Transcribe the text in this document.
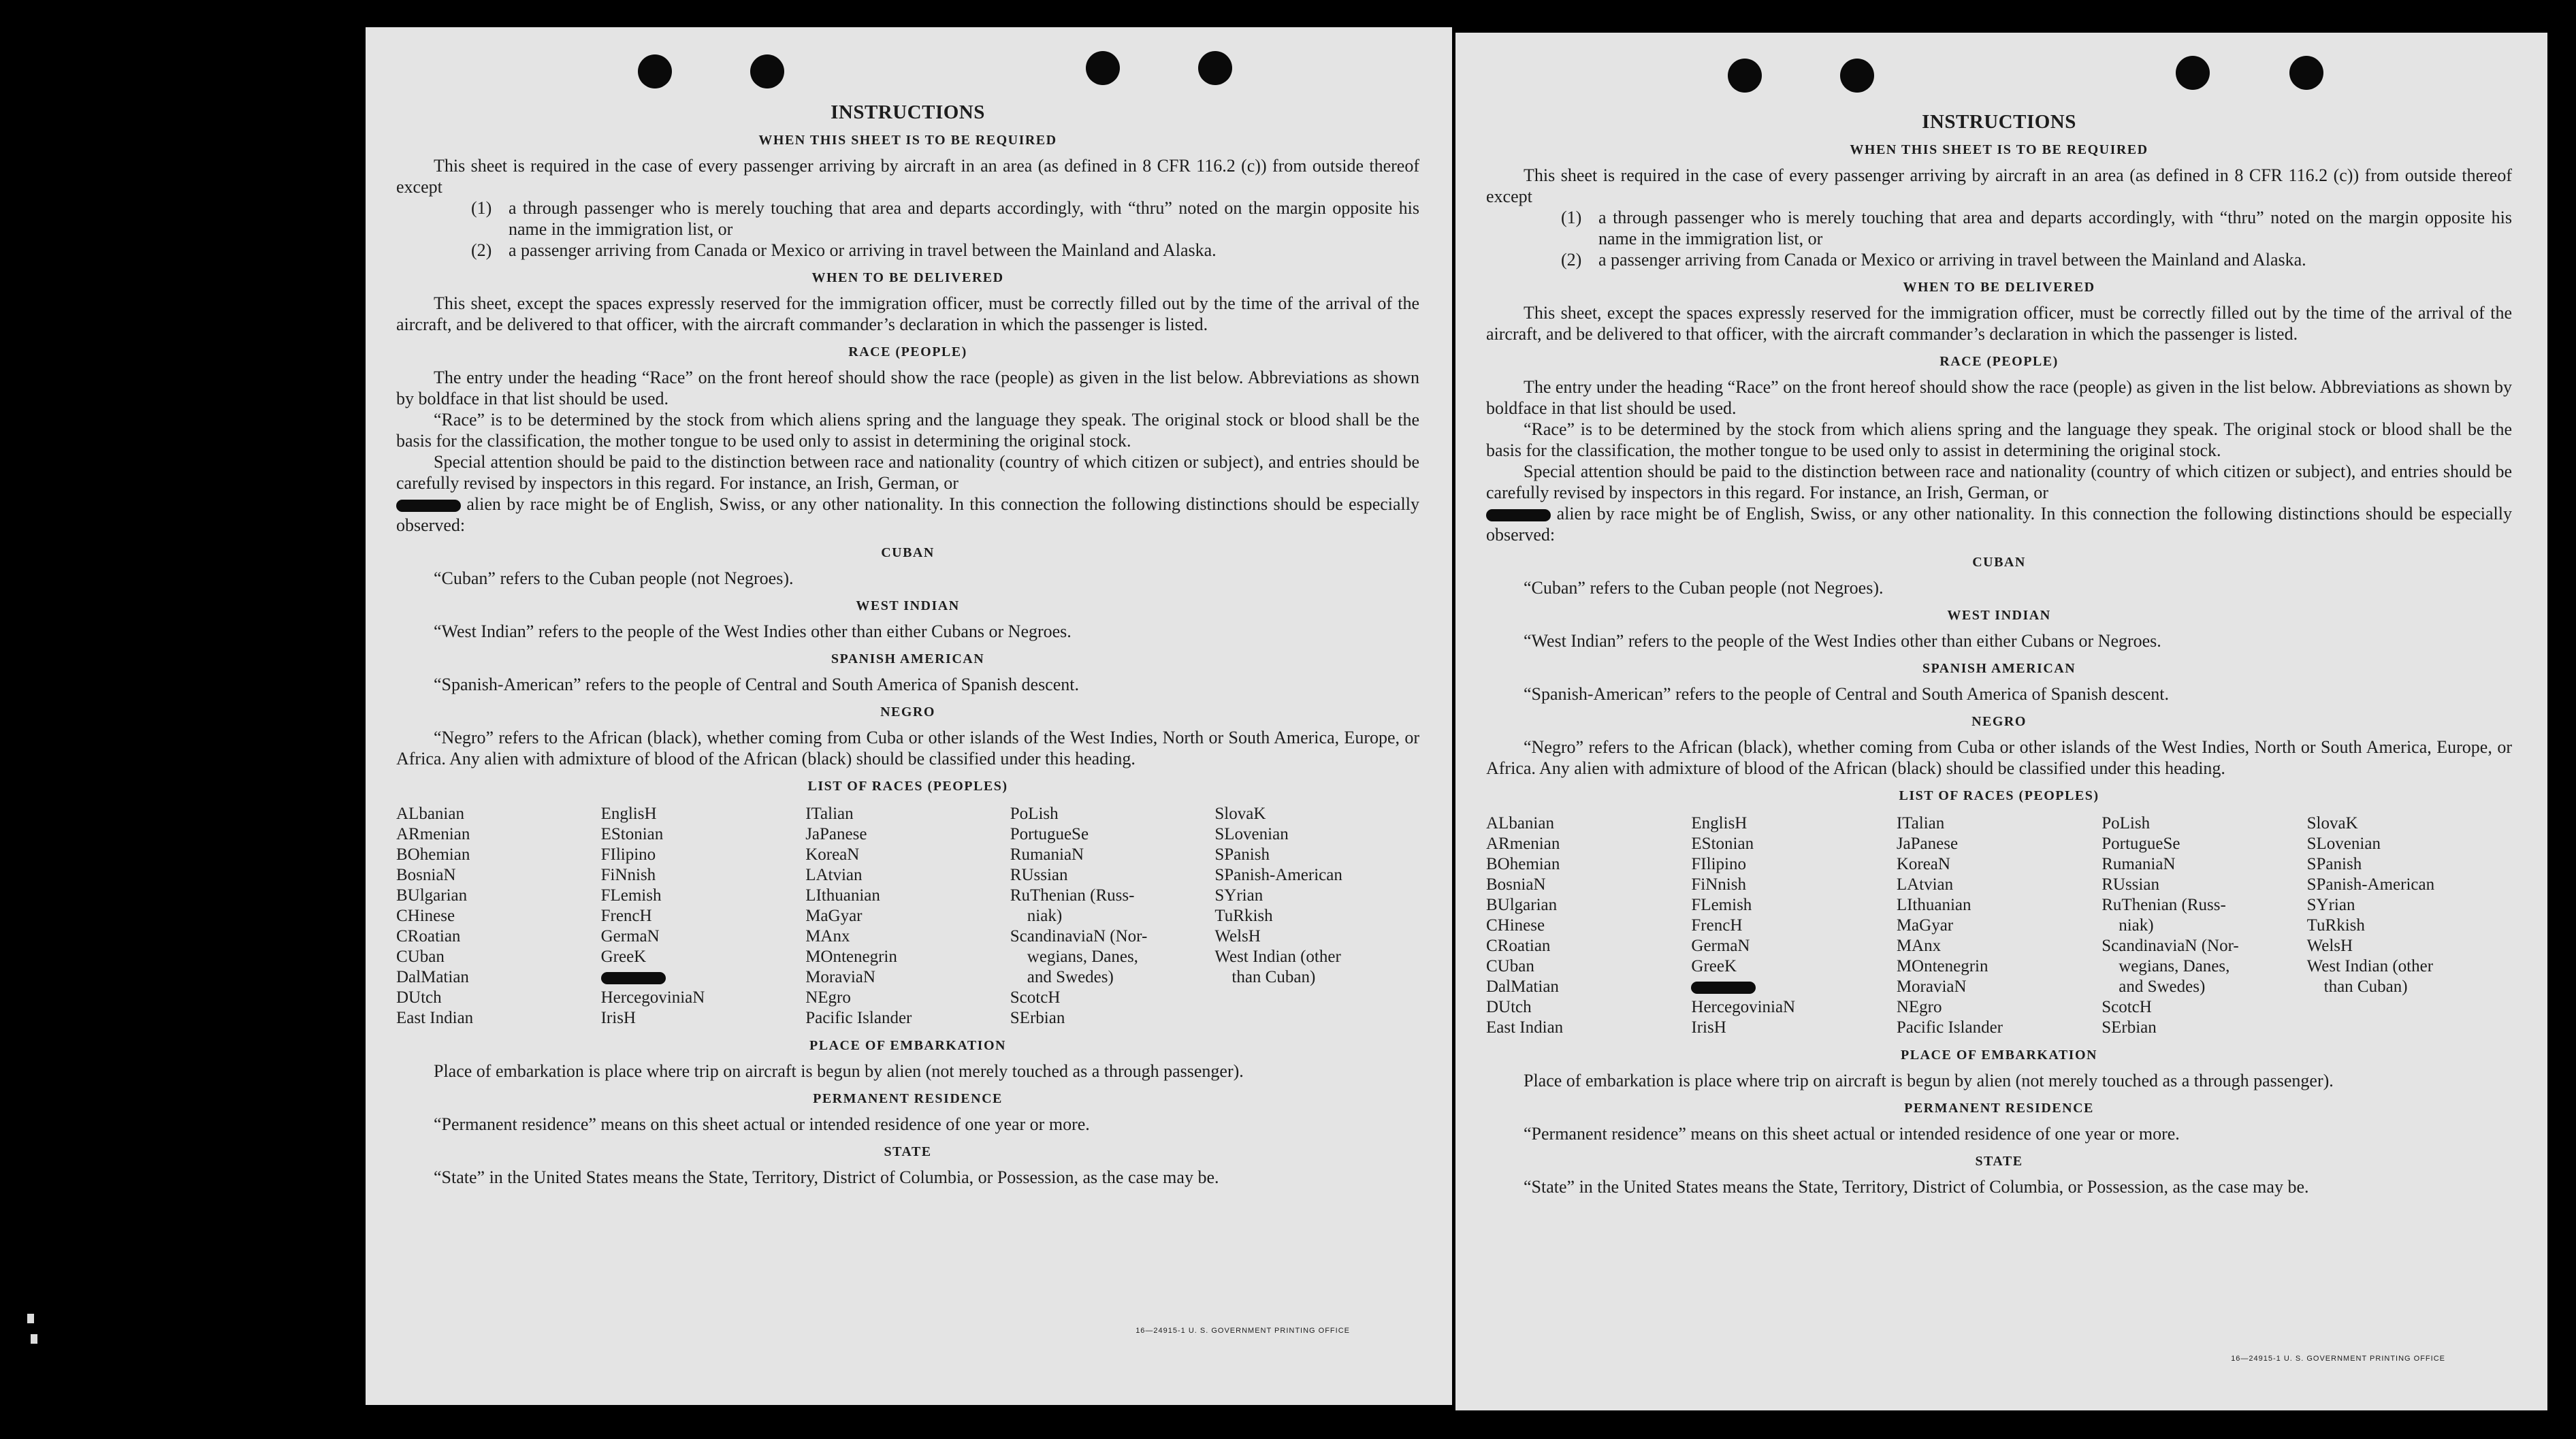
INSTRUCTIONS
WHEN THIS SHEET IS TO BE REQUIRED

This sheet is required in the case of every passenger arriving by aircraft in an area (as defined in 8 CFR 116.2 (c)) from outside thereof except

(1) a through passenger who is merely touching that area and departs accordingly, with “thru” noted on the margin opposite his name in the immigration list, or
(2) a passenger arriving from Canada or Mexico or arriving in travel between the Mainland and Alaska.
WHEN TO BE DELIVERED

This sheet, except the spaces expressly reserved for the immigration officer, must be correctly filled out by the time of the arrival of the aircraft, and be delivered to that officer, with the aircraft commander’s declaration in which the passenger is listed.

RACE (PEOPLE)

The entry under the heading “Race” on the front hereof should show the race (people) as given in the list below. Abbreviations as shown by boldface in that list should be used.

“Race” is to be determined by the stock from which aliens spring and the language they speak. The original stock or blood shall be the basis for the classification, the mother tongue to be used only to assist in determining the original stock.

Special attention should be paid to the distinction between race and nationality (country of which citizen or subject), and entries should be carefully revised by inspectors in this regard. For instance, an Irish, German, or

alien by race might be of English, Swiss, or any other nationality. In this connection the following distinctions should be especially observed:

CUBAN

“Cuban” refers to the Cuban people (not Negroes).

WEST INDIAN

“West Indian” refers to the people of the West Indies other than either Cubans or Negroes.

SPANISH AMERICAN

“Spanish-American” refers to the people of Central and South America of Spanish descent.

NEGRO

“Negro” refers to the African (black), whether coming from Cuba or other islands of the West Indies, North or South America, Europe, or Africa. Any alien with admixture of blood of the African (black) should be classified under this heading.

LIST OF RACES (PEOPLES)

ALbanian

ARmenian

BOhemian

BosniaN

BUlgarian

CHinese

CRoatian

CUban

DalMatian

DUtch

East Indian

EnglisH

EStonian

FIlipino

FiNnish

FLemish

FrencH

GermaN

GreeK

HercegoviniaN

IrisH

ITalian

JaPanese

KoreaN

LAtvian

LIthuanian

MaGyar

MAnx

MOntenegrin

MoraviaN

NEgro

Pacific Islander

PoLish

PortugueSe

RumaniaN

RUssian

RuThenian (Russ-

niak)

ScandinaviaN (Nor-

wegians, Danes,

and Swedes)

ScotcH

SErbian

SlovaK

SLovenian

SPanish

SPanish-American

SYrian

TuRkish

WelsH

West Indian (other

than Cuban)

PLACE OF EMBARKATION

Place of embarkation is place where trip on aircraft is begun by alien (not merely touched as a through passenger).

PERMANENT RESIDENCE

“Permanent residence” means on this sheet actual or intended residence of one year or more.

STATE

“State” in the United States means the State, Territory, District of Columbia, or Possession, as the case may be.

16—24915-1 U. S. GOVERNMENT PRINTING OFFICE
INSTRUCTIONS
WHEN THIS SHEET IS TO BE REQUIRED

This sheet is required in the case of every passenger arriving by aircraft in an area (as defined in 8 CFR 116.2 (c)) from outside thereof except

(1) a through passenger who is merely touching that area and departs accordingly, with “thru” noted on the margin opposite his name in the immigration list, or
(2) a passenger arriving from Canada or Mexico or arriving in travel between the Mainland and Alaska.
WHEN TO BE DELIVERED

This sheet, except the spaces expressly reserved for the immigration officer, must be correctly filled out by the time of the arrival of the aircraft, and be delivered to that officer, with the aircraft commander’s declaration in which the passenger is listed.

RACE (PEOPLE)

The entry under the heading “Race” on the front hereof should show the race (people) as given in the list below. Abbreviations as shown by boldface in that list should be used.

“Race” is to be determined by the stock from which aliens spring and the language they speak. The original stock or blood shall be the basis for the classification, the mother tongue to be used only to assist in determining the original stock.

Special attention should be paid to the distinction between race and nationality (country of which citizen or subject), and entries should be carefully revised by inspectors in this regard. For instance, an Irish, German, or

alien by race might be of English, Swiss, or any other nationality. In this connection the following distinctions should be especially observed:

CUBAN

“Cuban” refers to the Cuban people (not Negroes).

WEST INDIAN

“West Indian” refers to the people of the West Indies other than either Cubans or Negroes.

SPANISH AMERICAN

“Spanish-American” refers to the people of Central and South America of Spanish descent.

NEGRO

“Negro” refers to the African (black), whether coming from Cuba or other islands of the West Indies, North or South America, Europe, or Africa. Any alien with admixture of blood of the African (black) should be classified under this heading.

LIST OF RACES (PEOPLES)

ALbanian

ARmenian

BOhemian

BosniaN

BUlgarian

CHinese

CRoatian

CUban

DalMatian

DUtch

East Indian

EnglisH

EStonian

FIlipino

FiNnish

FLemish

FrencH

GermaN

GreeK

HercegoviniaN

IrisH

ITalian

JaPanese

KoreaN

LAtvian

LIthuanian

MaGyar

MAnx

MOntenegrin

MoraviaN

NEgro

Pacific Islander

PoLish

PortugueSe

RumaniaN

RUssian

RuThenian (Russ-

niak)

ScandinaviaN (Nor-

wegians, Danes,

and Swedes)

ScotcH

SErbian

SlovaK

SLovenian

SPanish

SPanish-American

SYrian

TuRkish

WelsH

West Indian (other

than Cuban)

PLACE OF EMBARKATION

Place of embarkation is place where trip on aircraft is begun by alien (not merely touched as a through passenger).

PERMANENT RESIDENCE

“Permanent residence” means on this sheet actual or intended residence of one year or more.

STATE

“State” in the United States means the State, Territory, District of Columbia, or Possession, as the case may be.

16—24915-1 U. S. GOVERNMENT PRINTING OFFICE
